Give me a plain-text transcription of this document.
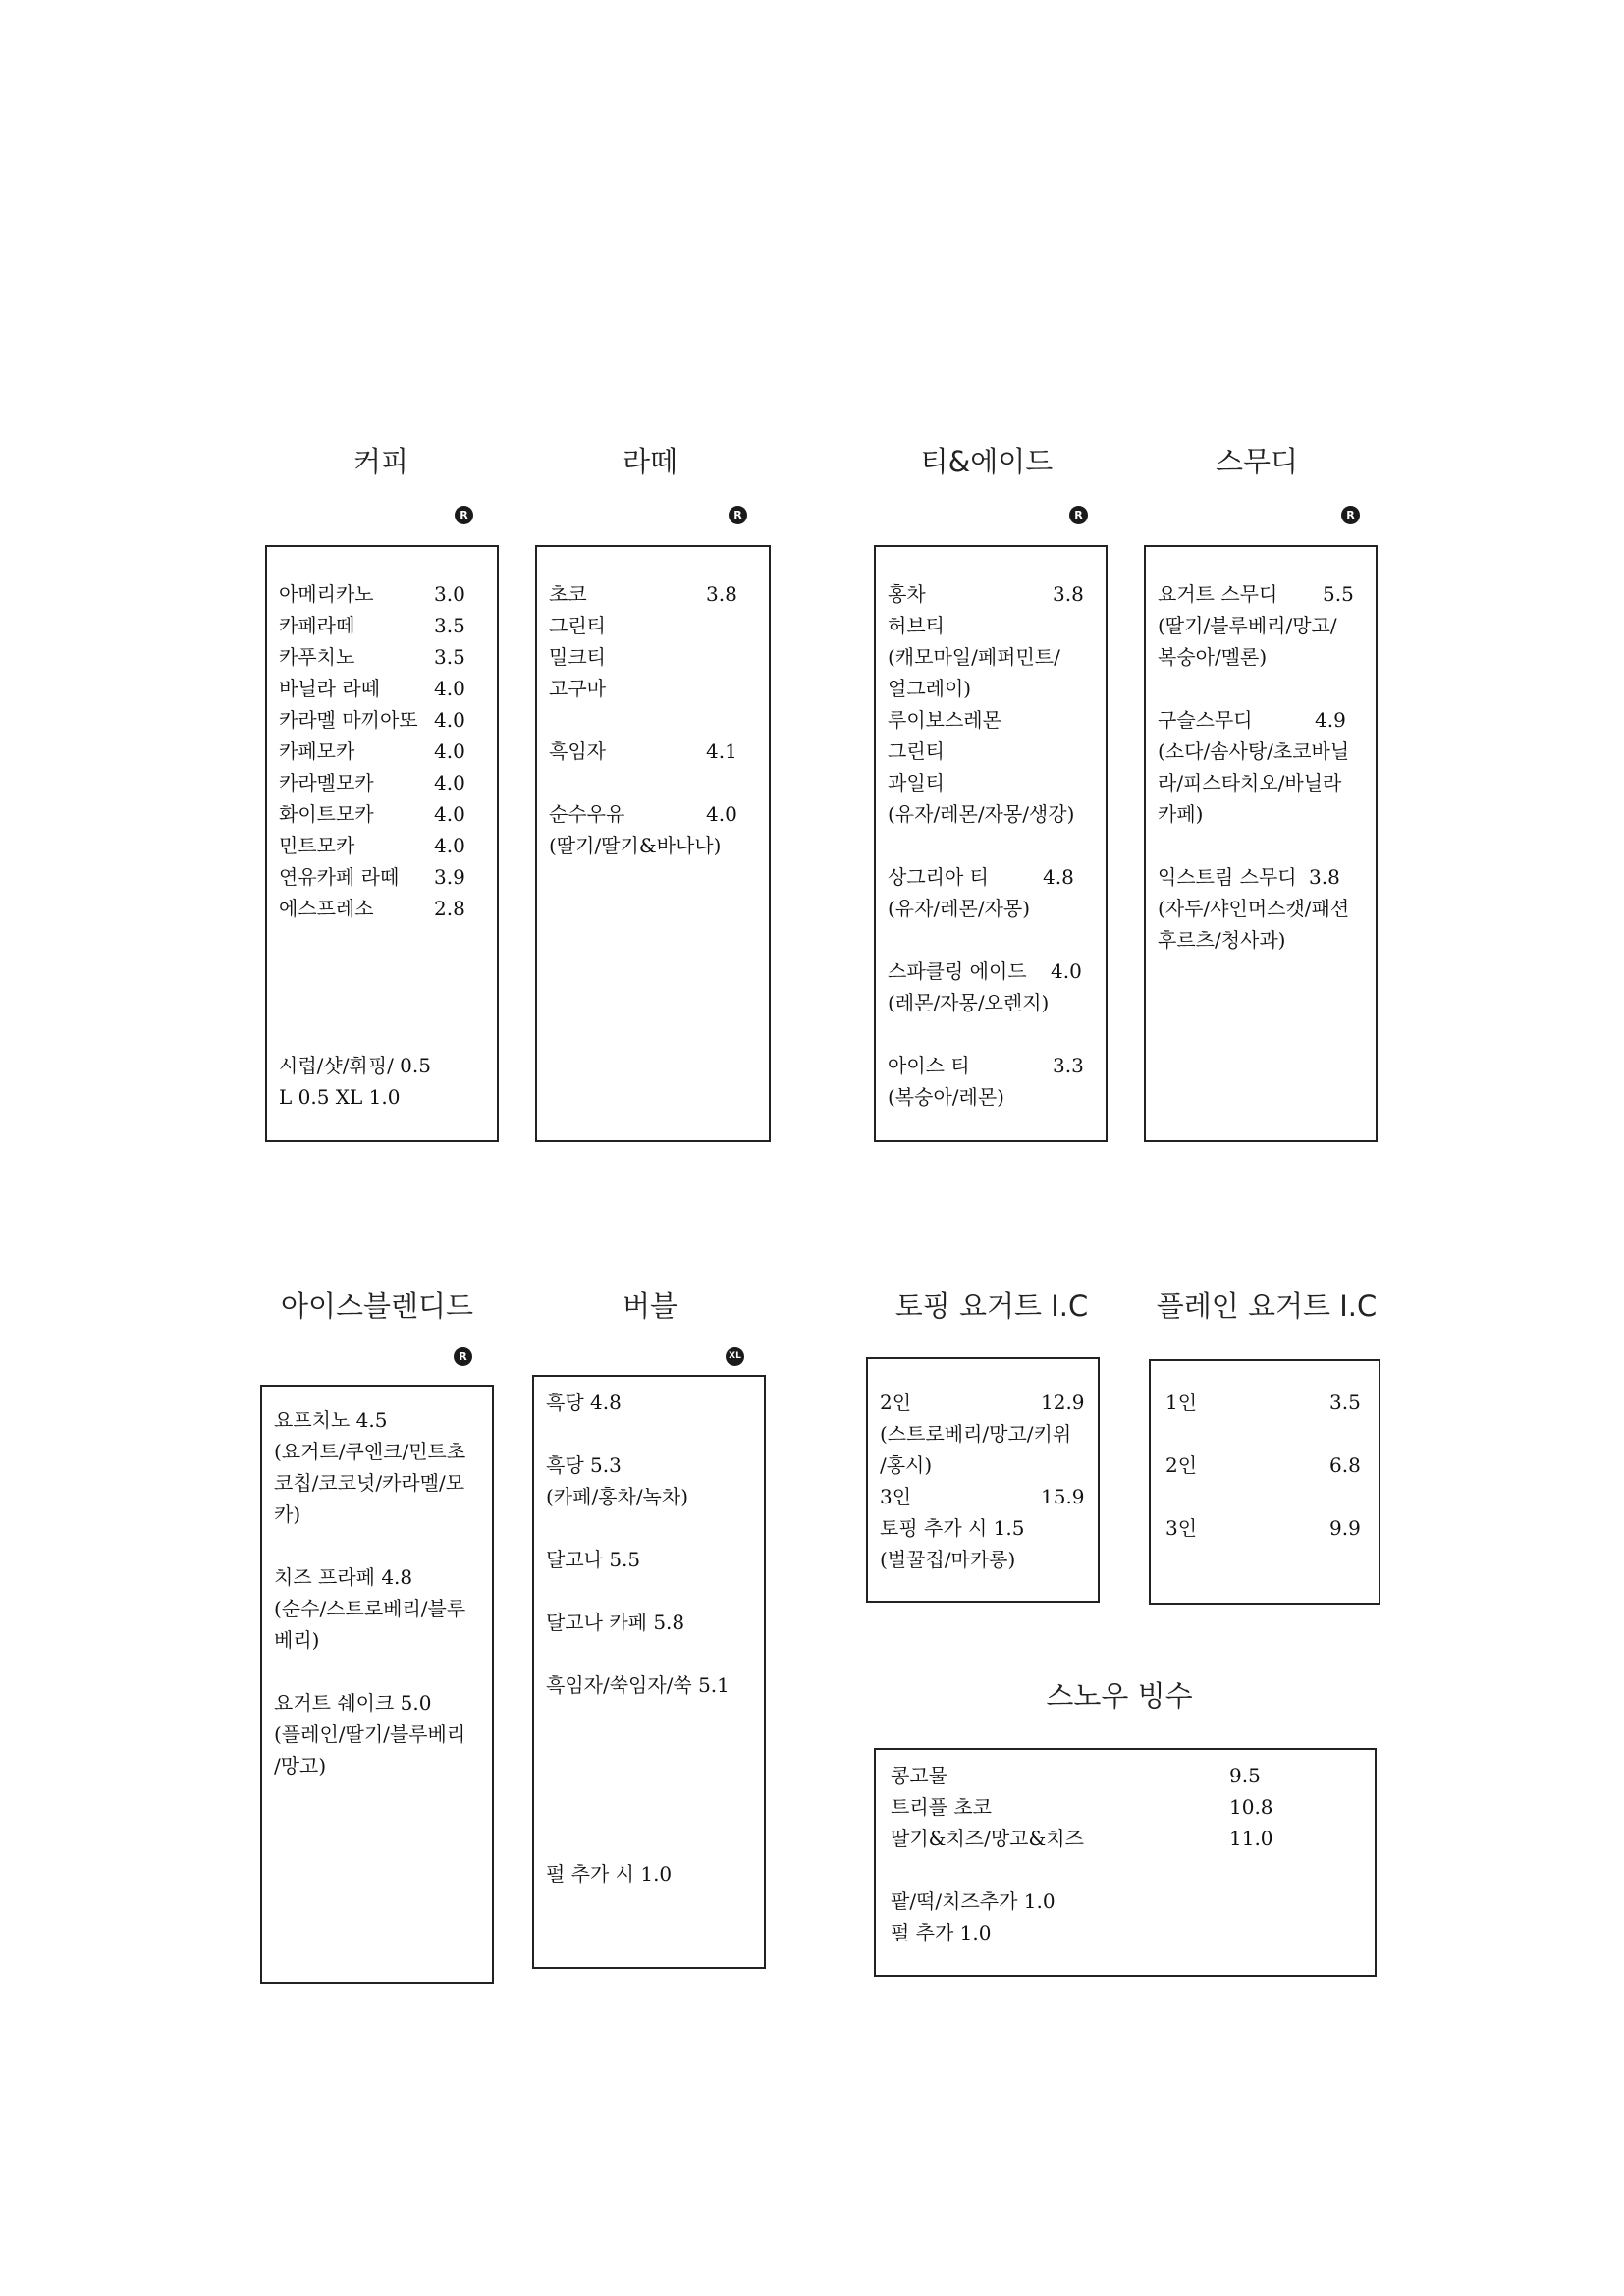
커피	라떼	티&에이드	스무디
R	R	R	R
아메리카노	3.0
카페라떼	3.5
카푸치노	3.5
바닐라 라떼	4.0
카라멜 마끼아또 4.0
카페모카	4.0
카라멜모카	4.0
화이트모카	4.0
민트모카	4.0
연유카페 라떼 3.9
에스프레소	2.8
시럽/샷/휘핑/ 0.5
L 0.5 XL 1.0
초코	3.8
그린티
밀크티
고구마
흑임자	4.1
순수우유	4.0
(딸기/딸기&바나나)
홍차	3.8
허브티
(캐모마일/페퍼민트/
얼그레이)
루이보스레몬
그린티
과일티
(유자/레몬/자몽/생강)
상그리아 티	4.8
(유자/레몬/자몽)
스파클링 에이드 4.0
(레몬/자몽/오렌지)
아이스 티	3.3
(복숭아/레몬)
요거트 스무디 5.5
(딸기/블루베리/망고/
복숭아/멜론)
구슬스무디	4.9
(소다/솜사탕/초코바닐
라/피스타치오/바닐라
카페)
익스트림 스무디 3.8
(자두/샤인머스캣/패션
후르츠/청사과)
아이스블렌디드	버블	토핑 요거트 I.C	플레인 요거트 I.C
R	XL
요프치노 4.5
(요거트/쿠앤크/민트초
코칩/코코넛/카라멜/모
카)
치즈 프라페 4.8
(순수/스트로베리/블루
베리)
요거트 쉐이크 5.0
(플레인/딸기/블루베리
/망고)
흑당 4.8
흑당 5.3
(카페/홍차/녹차)
달고나 5.5
달고나 카페 5.8
흑임자/쑥임자/쑥 5.1
펄 추가 시 1.0
2인	12.9
(스트로베리/망고/키위
/홍시)
3인	15.9
토핑 추가 시 1.5
(벌꿀집/마카롱)
1인	3.5
2인	6.8
3인	9.9
스노우 빙수
콩고물	9.5
트리플 초코	10.8
딸기&치즈/망고&치즈	11.0
팥/떡/치즈추가 1.0
펄 추가 1.0
